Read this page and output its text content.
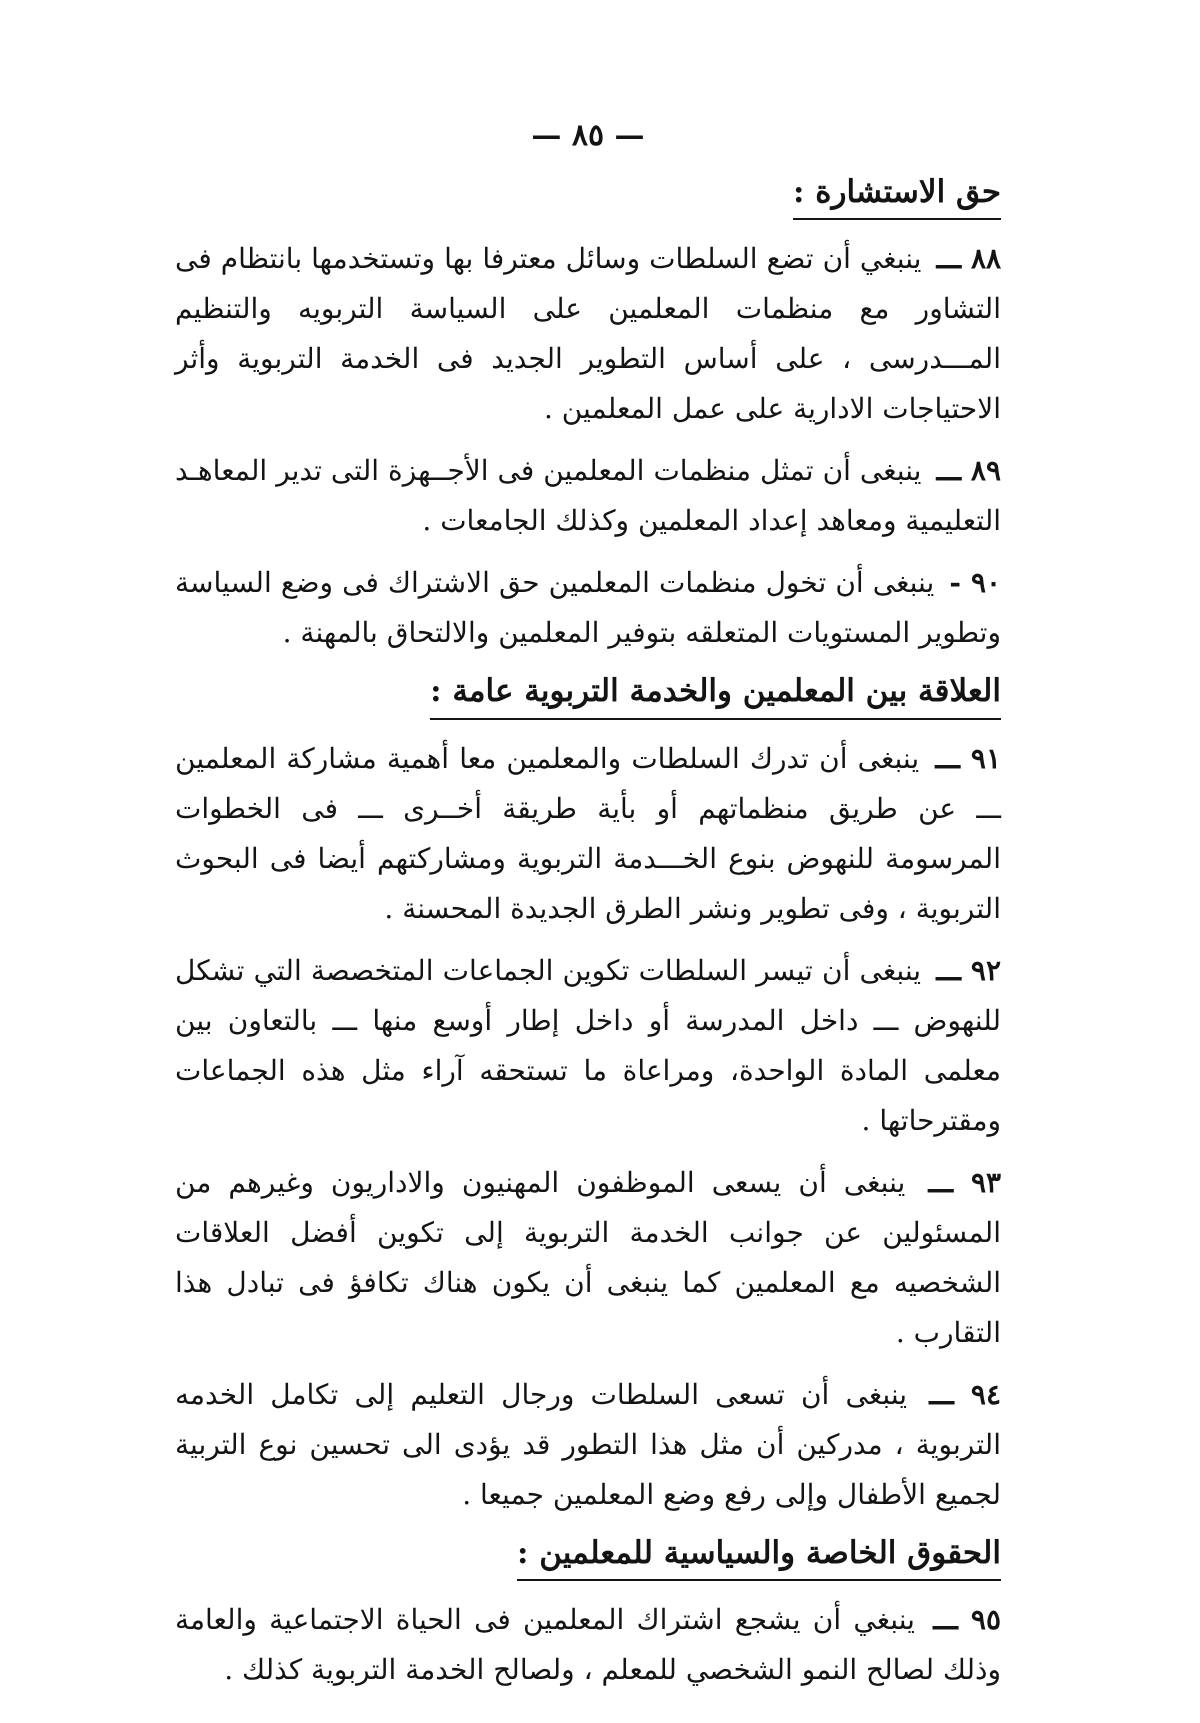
— ٨٥ —
حق الاستشارة :
٨٨ ـــ ينبغي أن تضع السلطات وسائل معترفا بها وتستخدمها بانتظام فى التشاور مع منظمات المعلمين على السياسة التربويه والتنظيم المـــدرسى ، على أساس التطوير الجديد فى الخدمة التربوية وأثر الاحتياجات الادارية على عمل المعلمين .
٨٩ ـــ ينبغى أن تمثل منظمات المعلمين فى الأجــهزة التى تدير المعاهـد التعليمية ومعاهد إعداد المعلمين وكذلك الجامعات .
٩٠ - ينبغى أن تخول منظمات المعلمين حق الاشتراك فى وضع السياسة وتطوير المستويات المتعلقه بتوفير المعلمين والالتحاق بالمهنة .
العلاقة بين المعلمين والخدمة التربوية عامة :
٩١ ـــ ينبغى أن تدرك السلطات والمعلمين معا أهمية مشاركة المعلمين ـــ عن طريق منظماتهم أو بأية طريقة أخــرى ـــ فى الخطوات المرسومة للنهوض بنوع الخـــدمة التربوية ومشاركتهم أيضا فى البحوث التربوية ، وفى تطوير ونشر الطرق الجديدة المحسنة .
٩٢ ـــ ينبغى أن تيسر السلطات تكوين الجماعات المتخصصة التي تشكل للنهوض ـــ داخل المدرسة أو داخل إطار أوسع منها ـــ بالتعاون بين معلمى المادة الواحدة، ومراعاة ما تستحقه آراء مثل هذه الجماعات ومقترحاتها .
٩٣ ـــ ينبغى أن يسعى الموظفون المهنيون والاداريون وغيرهم من المسئولين عن جوانب الخدمة التربوية إلى تكوين أفضل العلاقات الشخصيه مع المعلمين كما ينبغى أن يكون هناك تكافؤ فى تبادل هذا التقارب .
٩٤ ـــ ينبغى أن تسعى السلطات ورجال التعليم إلى تكامل الخدمه التربوية ، مدركين أن مثل هذا التطور قد يؤدى الى تحسين نوع التربية لجميع الأطفال وإلى رفع وضع المعلمين جميعا .
الحقوق الخاصة والسياسية للمعلمين :
٩٥ ـــ ينبغي أن يشجع اشتراك المعلمين فى الحياة الاجتماعية والعامة وذلك لصالح النمو الشخصي للمعلم ، ولصالح الخدمة التربوية كذلك .
